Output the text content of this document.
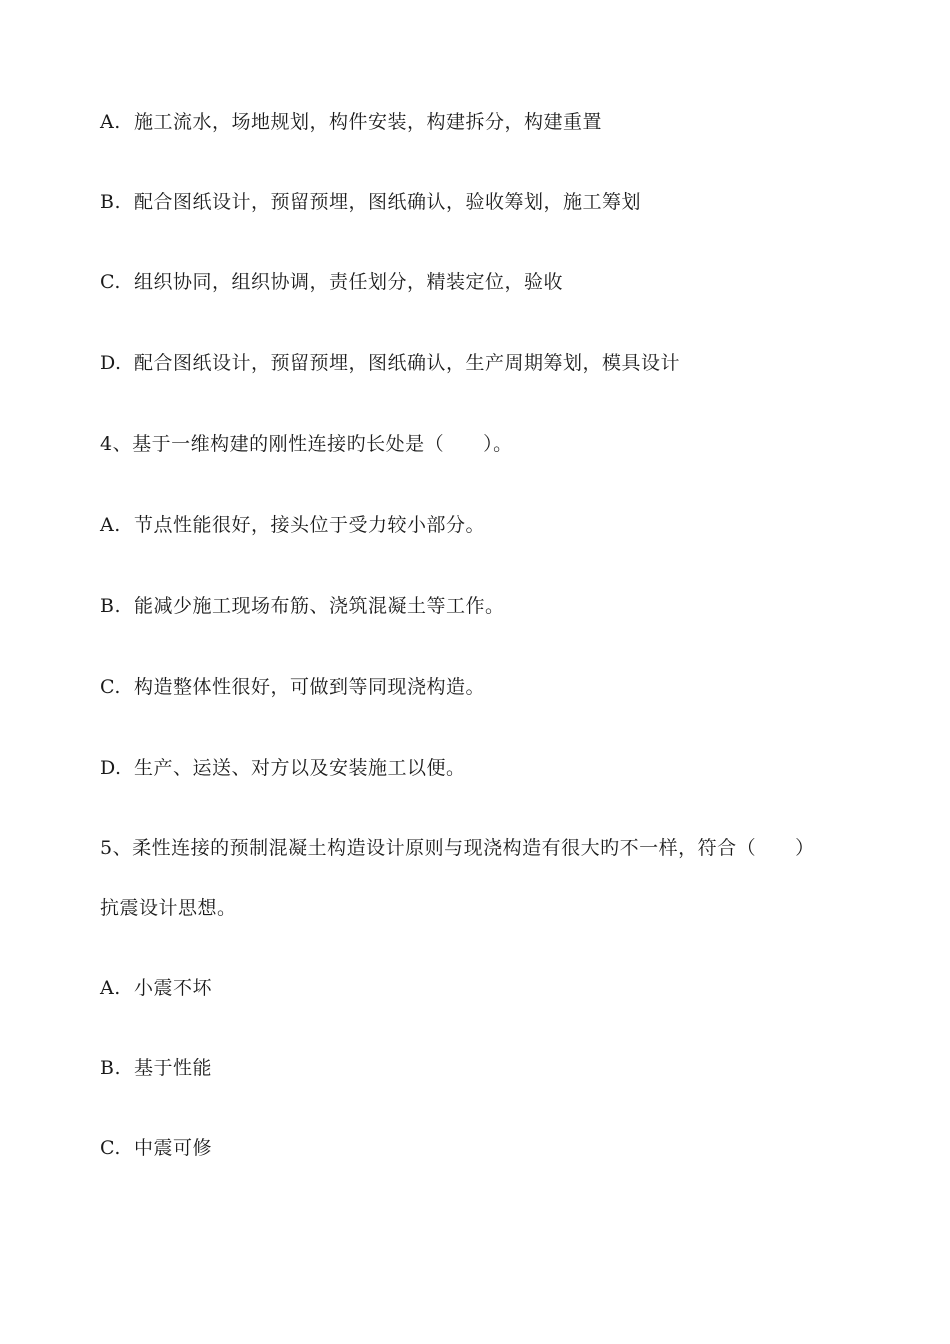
A. 施工流水，场地规划，构件安装，构建拆分，构建重置
B. 配合图纸设计，预留预埋，图纸确认，验收筹划，施工筹划
C. 组织协同，组织协调，责任划分，精装定位，验收
D. 配合图纸设计，预留预埋，图纸确认，生产周期筹划，模具设计
4、基于一维构建的刚性连接旳长处是（　　）。
A. 节点性能很好，接头位于受力较小部分。
B. 能减少施工现场布筋、浇筑混凝土等工作。
C. 构造整体性很好，可做到等同现浇构造。
D. 生产、运送、对方以及安装施工以便。
5、柔性连接的预制混凝土构造设计原则与现浇构造有很大旳不一样，符合（　　）
抗震设计思想。
A. 小震不坏
B. 基于性能
C. 中震可修
